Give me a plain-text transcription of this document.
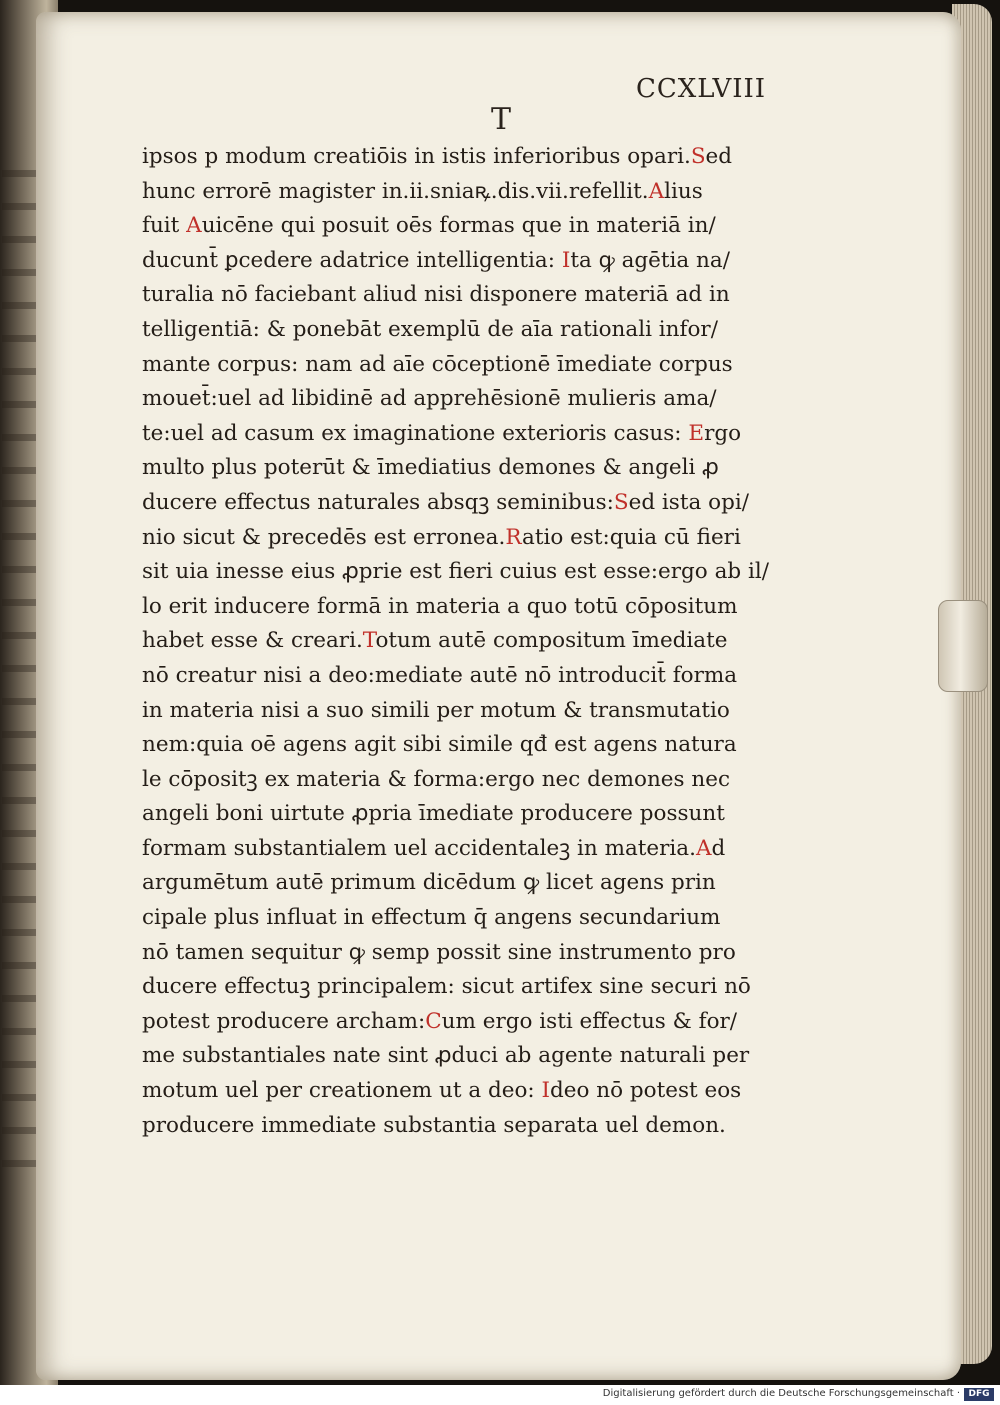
CCXLVIII
T
ipsos p modum creatiōis in istis inferioribus opari.Sed
hunc errorē magister in.ii.sniaꝶ.dis.vii.refellit.Alius
fuit Auicēne qui posuit oēs formas que in materiā in/
ducunt̄ ꝑcedere adatrice intelligentia: Ita ꝙ agētia na/
turalia nō faciebant aliud nisi disponere materiā ad in
telligentiā: & ponebāt exemplū de aīa rationali infor/
mante corpus: nam ad aīe cōceptionē īmediate corpus
mouet̄:uel ad libidinē ad apprehēsionē mulieris ama/
te:uel ad casum ex imaginatione exterioris casus: Ergo
multo plus poterūt & īmediatius demones & angeli ꝓ
ducere effectus naturales absqꝫ seminibus:Sed ista opi/
nio sicut & precedēs est erronea.Ratio est:quia cū fieri
sit uia inesse eius ꝓprie est fieri cuius est esse:ergo ab il/
lo erit inducere formā in materia a quo totū cōpositum
habet esse & creari.Totum autē compositum īmediate
nō creatur nisi a deo:mediate autē nō introducit̄ forma
in materia nisi a suo simili per motum & transmutatio
nem:quia oē agens agit sibi simile qđ est agens natura
le cōpositꝫ ex materia & forma:ergo nec demones nec
angeli boni uirtute ꝓpria īmediate producere possunt
formam substantialem uel accidentaleꝫ in materia.Ad
argumētum autē primum dicēdum ꝙ licet agens prin
cipale plus influat in effectum q̄ angens secundarium
nō tamen sequitur ꝙ semp possit sine instrumento pro
ducere effectuꝫ principalem: sicut artifex sine securi nō
potest producere archam:Cum ergo isti effectus & for/
me substantiales nate sint ꝓduci ab agente naturali per
motum uel per creationem ut a deo: Ideo nō potest eos
producere immediate substantia separata uel demon.
Digitalisierung gefördert durch die Deutsche Forschungsgemeinschaft · DFG
